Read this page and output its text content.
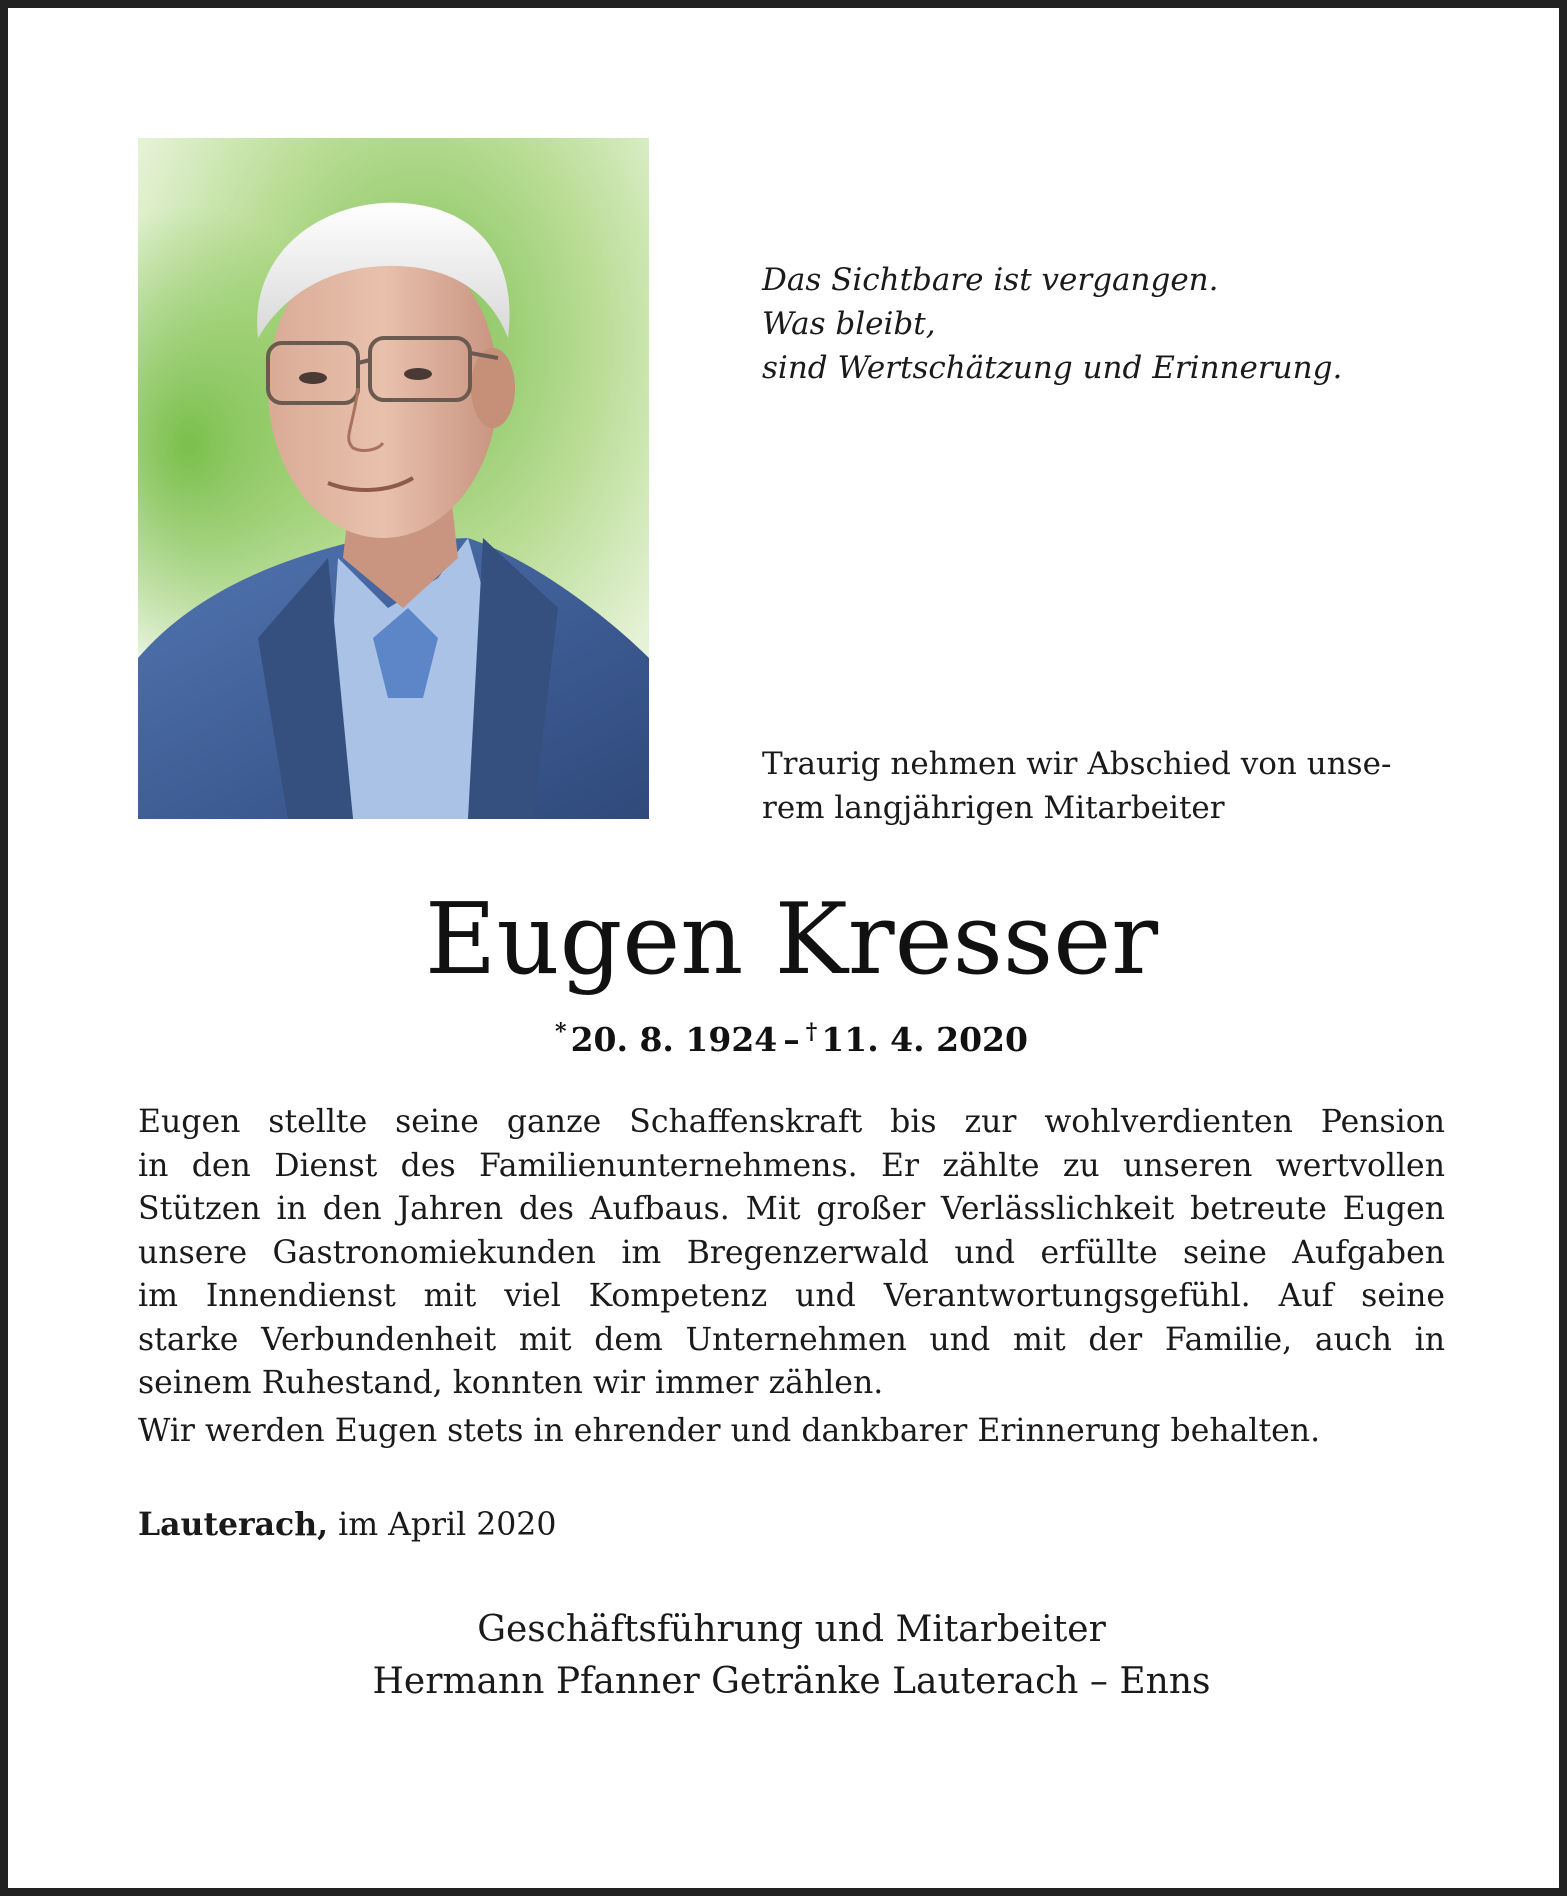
Das Sichtbare ist vergangen.
Was bleibt,
sind Wertschätzung und Erinnerung.
Traurig nehmen wir Abschied von unse-
rem langjährigen Mitarbeiter
Eugen Kresser
* 20. 8. 1924 – † 11. 4. 2020
Eugen stellte seine ganze Schaffenskraft bis zur wohlverdienten Pension
in den Dienst des Familienunternehmens. Er zählte zu unseren wertvollen
Stützen in den Jahren des Aufbaus. Mit großer Verlässlichkeit betreute Eugen
unsere Gastronomiekunden im Bregenzerwald und erfüllte seine Aufgaben
im Innendienst mit viel Kompetenz und Verantwortungsgefühl. Auf seine
starke Verbundenheit mit dem Unternehmen und mit der Familie, auch in
seinem Ruhestand, konnten wir immer zählen.
Wir werden Eugen stets in ehrender und dankbarer Erinnerung behalten.
Lauterach, im April 2020
Geschäftsführung und Mitarbeiter
Hermann Pfanner Getränke Lauterach – Enns
